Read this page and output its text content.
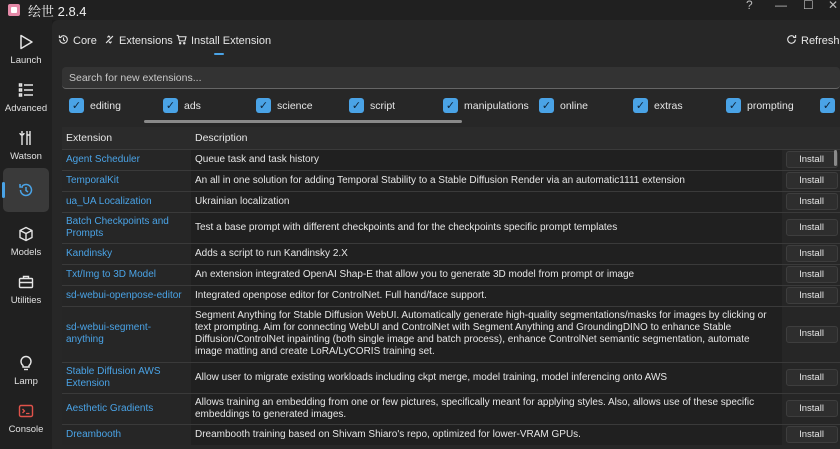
绘世 2.8.4	? — ☐ ✕
Launch
Advanced
Watson
Models
Utilities
Lamp
Console
Core Extensions Install Extension	Refresh
Search for new extensions...
✓ editing	✓ ads	✓ science	✓ script	✓ manipulations ✓ online	✓ extras	✓ prompting	✓
Extension	Description	
Agent Scheduler	Queue task and task history	Install

TemporalKit	An all in one solution for adding Temporal Stability to a Stable Diffusion Render via an automatic1111 extension	Install

ua_UA Localization	Ukrainian localization	Install

Batch Checkpoints and Prompts	Test a base prompt with different checkpoints and for the checkpoints specific prompt templates	Install

Kandinsky	Adds a script to run Kandinsky 2.X	Install

Txt/Img to 3D Model	An extension integrated OpenAI Shap-E that allow you to generate 3D model from prompt or image	Install

sd-webui-openpose-editor	Integrated openpose editor for ControlNet. Full hand/face support.	Install

sd-webui-segment-anything	Segment Anything for Stable Diffusion WebUI. Automatically generate high-quality segmentations/masks for images by clicking or text prompting. Aim for connecting WebUI and ControlNet with Segment Anything and GroundingDINO to enhance Stable Diffusion/ControlNet inpainting (both single image and batch process), enhance ControlNet semantic segmentation, automate image matting and create LoRA/LyCORIS training set.	Install

Stable Diffusion AWS Extension	Allow user to migrate existing workloads including ckpt merge, model training, model inferencing onto AWS	Install

Aesthetic Gradients	Allows training an embedding from one or few pictures, specifically meant for applying styles. Also, allows use of these specific embeddings to generated images.	Install

Dreambooth	Dreambooth training based on Shivam Shiaro's repo, optimized for lower-VRAM GPUs.	Install
